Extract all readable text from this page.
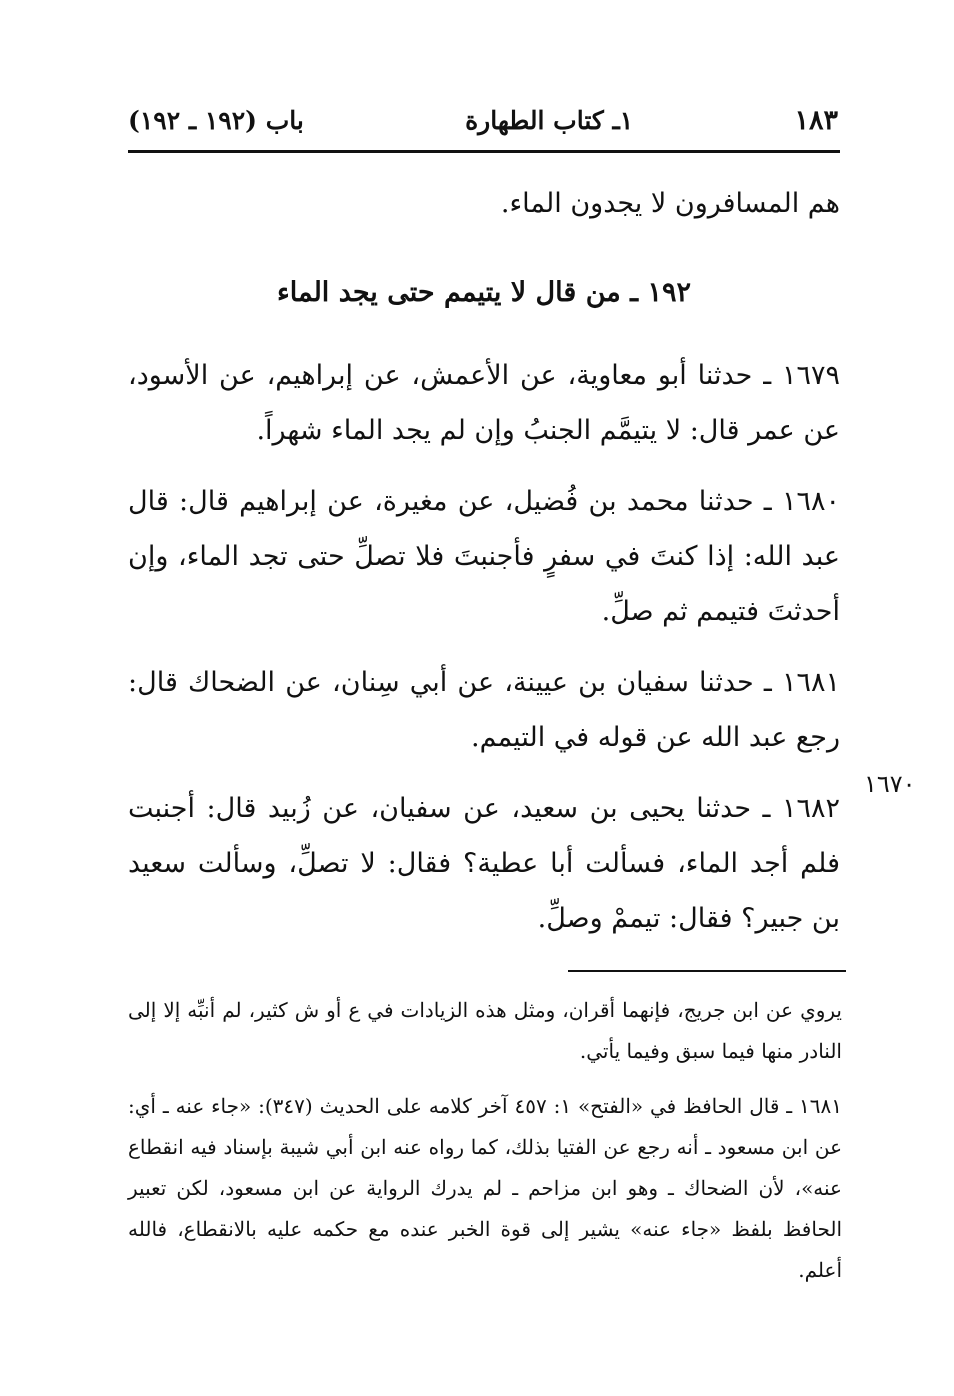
باب (١٩٢ ـ ١٩٢)	١ـ كتاب الطهارة	١٨٣

هم المسافرون لا يجدون الماء.

١٩٢ ـ من قال لا يتيمم حتى يجد الماء

١٦٧٩ ـ حدثنا أبو معاوية، عن الأعمش، عن إبراهيم، عن الأسود، عن عمر قال: لا يتيمَّم الجنبُ وإن لم يجد الماء شهراً.

١٦٨٠ ـ حدثنا محمد بن فُضيل، عن مغيرة، عن إبراهيم قال: قال عبد الله: إذا كنتَ في سفرٍ فأجنبتَ فلا تصلِّ حتى تجد الماء، وإن أحدثتَ فتيمم ثم صلِّ.

١٦٨١ ـ حدثنا سفيان بن عيينة، عن أبي سِنان، عن الضحاك قال: رجع عبد الله عن قوله في التيمم.

١٦٨٢ ـ حدثنا يحيى بن سعيد، عن سفيان، عن زُبيد قال: أجنبت فلم أجد الماء، فسألت أبا عطية؟ فقال: لا تصلِّ، وسألت سعيد بن جبير؟ فقال: تيممْ وصلِّ.

١٦٧٠

يروي عن ابن جريج، فإنهما أقران، ومثل هذه الزيادات في ع أو ش كثير، لم أنبِّه إلا إلى النادر منها فيما سبق وفيما يأتي.

١٦٨١ ـ قال الحافظ في «الفتح» ١: ٤٥٧ آخر كلامه على الحديث (٣٤٧): «جاء عنه ـ أي: عن ابن مسعود ـ أنه رجع عن الفتيا بذلك، كما رواه عنه ابن أبي شيبة بإسناد فيه انقطاع عنه»، لأن الضحاك ـ وهو ابن مزاحم ـ لم يدرك الرواية عن ابن مسعود، لكن تعبير الحافظ بلفظ «جاء عنه» يشير إلى قوة الخبر عنده مع حكمه عليه بالانقطاع، فالله أعلم.
